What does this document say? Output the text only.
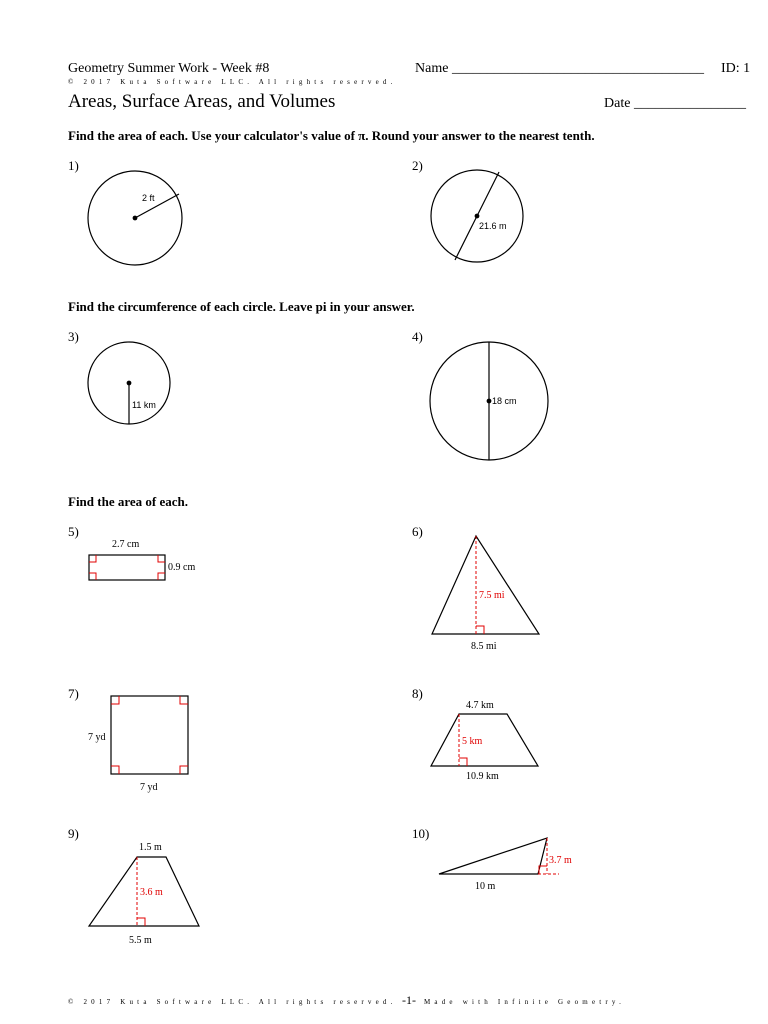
Geometry Summer Work - Week #8	Name ____________________________________ ID: 1
© 2017 Kuta Software LLC. All rights reserved.
Areas, Surface Areas, and Volumes	Date ________________
Find the area of each. Use your calculator's value of π. Round your answer to the nearest tenth.
1)
2 ft
2)
21.6 m
Find the circumference of each circle. Leave pi in your answer.
3)
11 km
4)
18 cm
Find the area of each.
5)
2.7 cm
0.9 cm
6)
7.5 mi
8.5 mi
7)
7 yd
7 yd
8)
4.7 km
5 km
10.9 km
9)
1.5 m
3.6 m
5.5 m
10)
3.7 m
10 m
© 2017 Kuta Software LLC. All rights reserved. -1- Made with Infinite Geometry.
